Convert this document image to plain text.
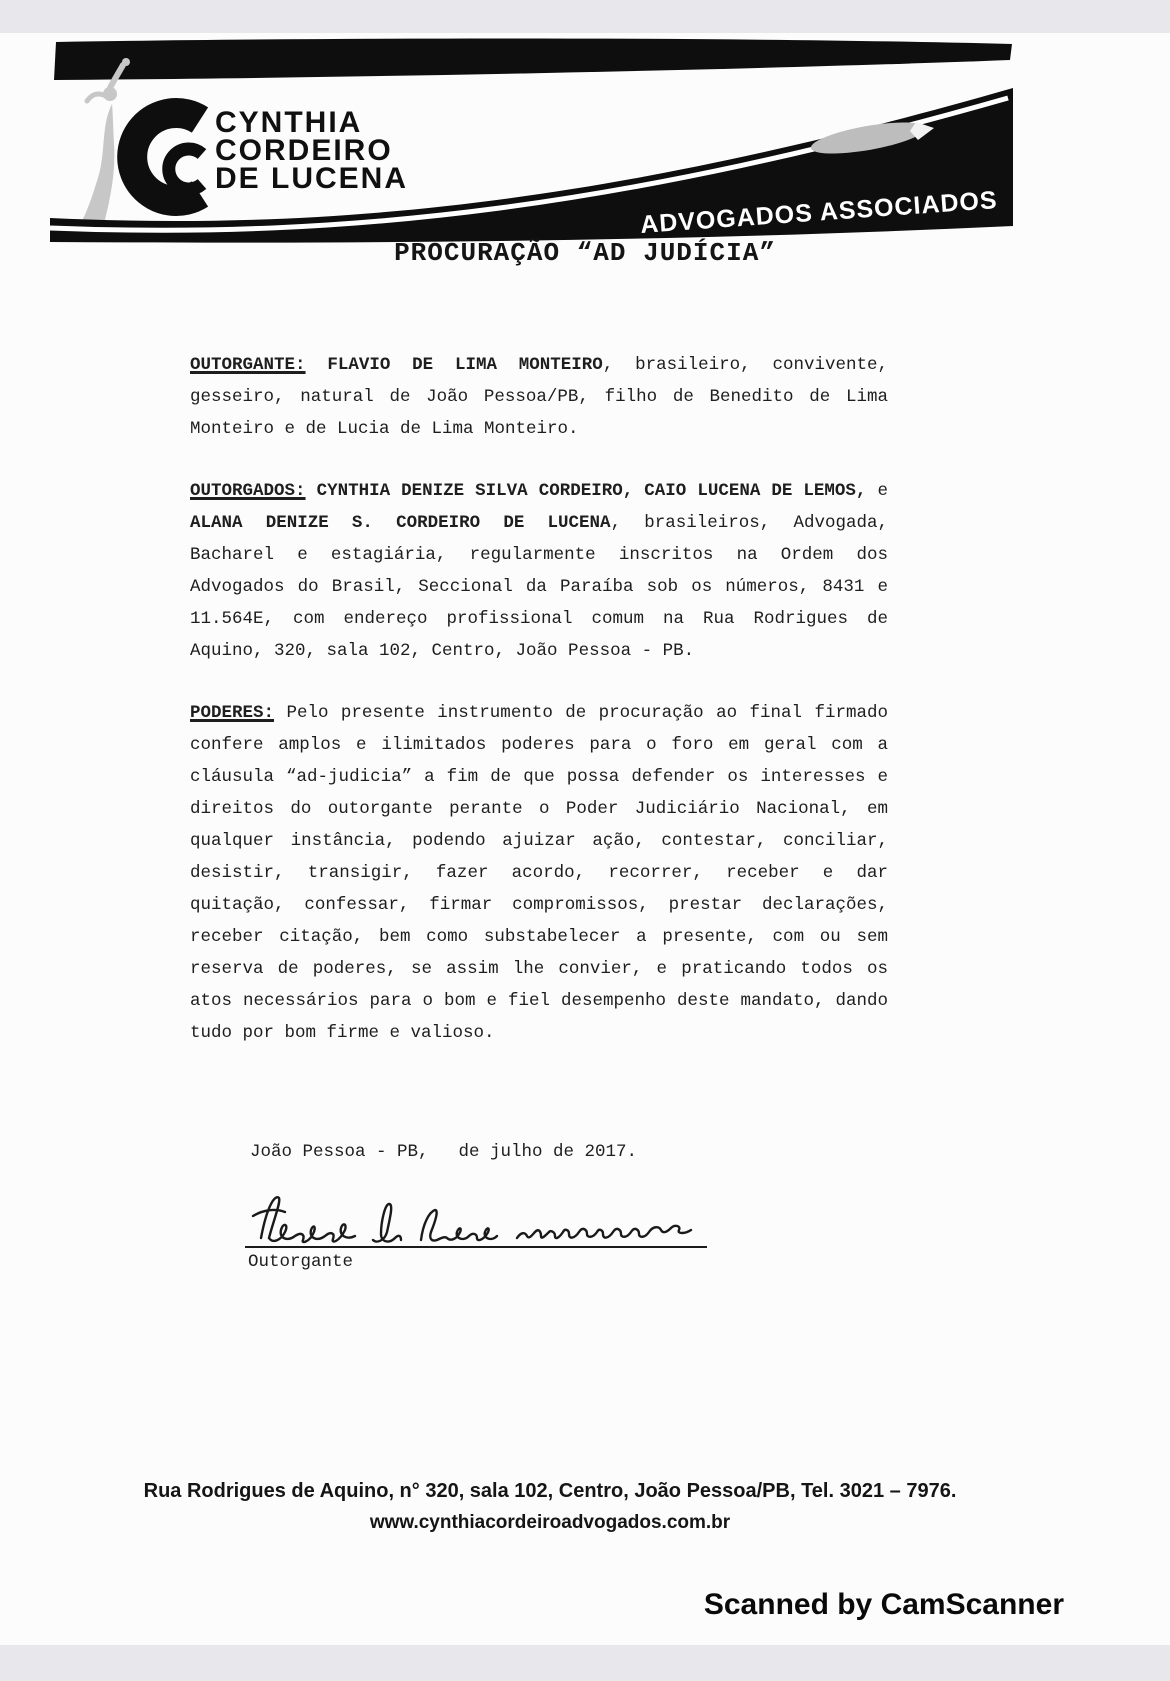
CYNTHIA
CORDEIRO
DE LUCENA
ADVOGADOS ASSOCIADOS
PROCURAÇÃO “AD JUDÍCIA”

OUTORGANTE: FLAVIO DE LIMA MONTEIRO, brasileiro, convivente, gesseiro, natural de João Pessoa/PB, filho de Benedito de Lima Monteiro e de Lucia de Lima Monteiro.

OUTORGADOS: CYNTHIA DENIZE SILVA CORDEIRO, CAIO LUCENA DE LEMOS, e ALANA DENIZE S. CORDEIRO DE LUCENA, brasileiros, Advogada, Bacharel e estagiária, regularmente inscritos na Ordem dos Advogados do Brasil, Seccional da Paraíba sob os números, 8431 e 11.564E, com endereço profissional comum na Rua Rodrigues de Aquino, 320, sala 102, Centro, João Pessoa - PB.

PODERES: Pelo presente instrumento de procuração ao final firmado confere amplos e ilimitados poderes para o foro em geral com a cláusula “ad-judicia” a fim de que possa defender os interesses e direitos do outorgante perante o Poder Judiciário Nacional, em qualquer instância, podendo ajuizar ação, contestar, conciliar, desistir, transigir, fazer acordo, recorrer, receber e dar quitação, confessar, firmar compromissos, prestar declarações, receber citação, bem como substabelecer a presente, com ou sem reserva de poderes, se assim lhe convier, e praticando todos os atos necessários para o bom e fiel desempenho deste mandato, dando tudo por bom firme e valioso.

João Pessoa - PB, de julho de 2017.
Outorgante
Rua Rodrigues de Aquino, n° 320, sala 102, Centro, João Pessoa/PB, Tel. 3021 – 7976.
www.cynthiacordeiroadvogados.com.br
Scanned by CamScanner
